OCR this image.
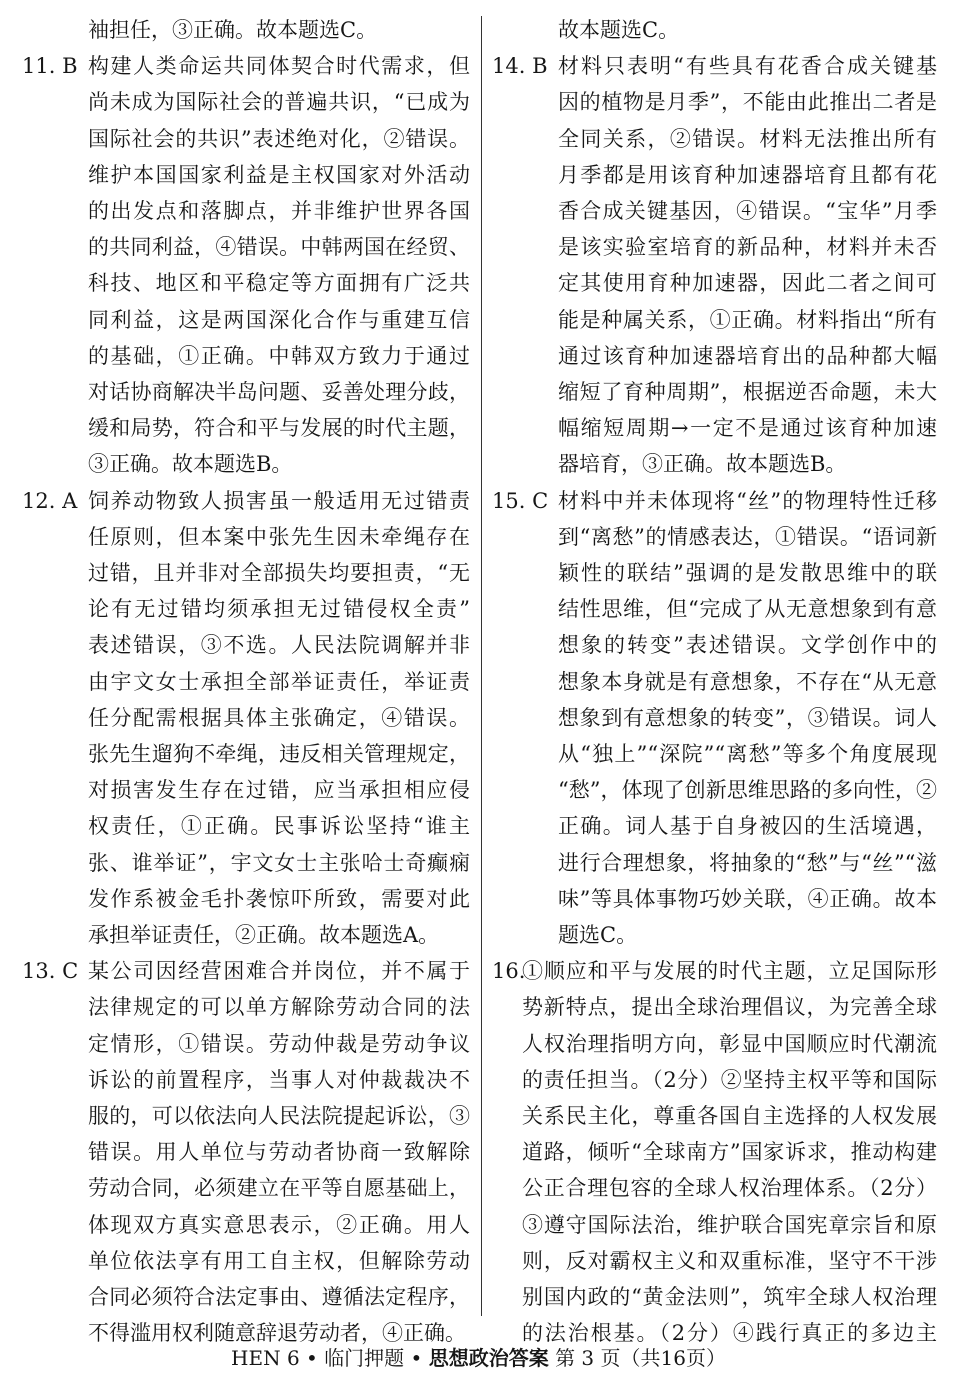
袖担任，③正确。故本题选C。
11. B 构建人类命运共同体契合时代需求，但
尚未成为国际社会的普遍共识，“已成为
国际社会的共识”表述绝对化，②错误。
维护本国国家利益是主权国家对外活动
的出发点和落脚点，并非维护世界各国
的共同利益，④错误。中韩两国在经贸、
科技、地区和平稳定等方面拥有广泛共
同利益，这是两国深化合作与重建互信
的基础，①正确。中韩双方致力于通过
对话协商解决半岛问题、妥善处理分歧，
缓和局势，符合和平与发展的时代主题，
③正确。故本题选B。
12. A 饲养动物致人损害虽一般适用无过错责
任原则，但本案中张先生因未牵绳存在
过错，且并非对全部损失均要担责，“无
论有无过错均须承担无过错侵权全责”
表述错误，③不选。人民法院调解并非
由宇文女士承担全部举证责任，举证责
任分配需根据具体主张确定，④错误。
张先生遛狗不牵绳，违反相关管理规定，
对损害发生存在过错，应当承担相应侵
权责任，①正确。民事诉讼坚持“谁主
张、谁举证”，宇文女士主张哈士奇癫痫
发作系被金毛扑袭惊吓所致，需要对此
承担举证责任，②正确。故本题选A。
13. C 某公司因经营困难合并岗位，并不属于
法律规定的可以单方解除劳动合同的法
定情形，①错误。劳动仲裁是劳动争议
诉讼的前置程序，当事人对仲裁裁决不
服的，可以依法向人民法院提起诉讼，③
错误。用人单位与劳动者协商一致解除
劳动合同，必须建立在平等自愿基础上，
体现双方真实意思表示，②正确。用人
单位依法享有用工自主权，但解除劳动
合同必须符合法定事由、遵循法定程序，
不得滥用权利随意辞退劳动者，④正确。
故本题选C。
14. B 材料只表明“有些具有花香合成关键基
因的植物是月季”，不能由此推出二者是
全同关系，②错误。材料无法推出所有
月季都是用该育种加速器培育且都有花
香合成关键基因，④错误。“宝华”月季
是该实验室培育的新品种，材料并未否
定其使用育种加速器，因此二者之间可
能是种属关系，①正确。材料指出“所有
通过该育种加速器培育出的品种都大幅
缩短了育种周期”，根据逆否命题，未大
幅缩短周期→一定不是通过该育种加速
器培育，③正确。故本题选B。
15. C 材料中并未体现将“丝”的物理特性迁移
到“离愁”的情感表达，①错误。“语词新
颖性的联结”强调的是发散思维中的联
结性思维，但“完成了从无意想象到有意
想象的转变”表述错误。文学创作中的
想象本身就是有意想象，不存在“从无意
想象到有意想象的转变”，③错误。词人
从“独上”“深院”“离愁”等多个角度展现
“愁”，体现了创新思维思路的多向性，②
正确。词人基于自身被囚的生活境遇，
进行合理想象，将抽象的“愁”与“丝”“滋
味”等具体事物巧妙关联，④正确。故本
题选C。
16.
①顺应和平与发展的时代主题，立足国际形
势新特点，提出全球治理倡议，为完善全球
人权治理指明方向，彰显中国顺应时代潮流
的责任担当。（2分）②坚持主权平等和国际
关系民主化，尊重各国自主选择的人权发展
道路，倾听“全球南方”国家诉求，推动构建
公正合理包容的全球人权治理体系。（2分）
③遵守国际法治，维护联合国宪章宗旨和原
则，反对霸权主义和双重标准，坚守不干涉
别国内政的“黄金法则”，筑牢全球人权治理
的法治根基。（2分）④践行真正的多边主
HEN 6 • 临门押题 • 思想政治答案 第 3 页（共16页）
